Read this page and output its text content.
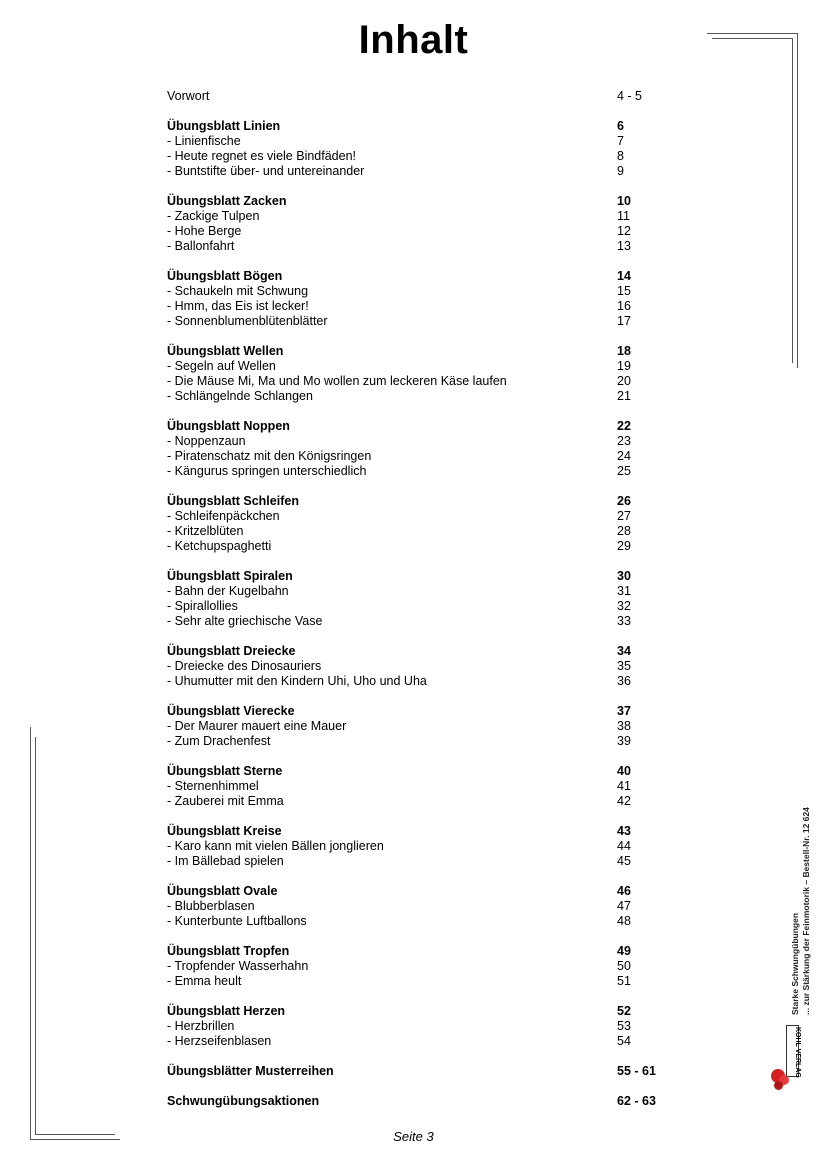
Inhalt
Vorwort	4 - 5
Übungsblatt Linien	6
- Linienfische	7
- Heute regnet es viele Bindfäden!	8
- Buntstifte über- und untereinander	9
Übungsblatt Zacken	10
- Zackige Tulpen	11
- Hohe Berge	12
- Ballonfahrt	13
Übungsblatt Bögen	14
- Schaukeln mit Schwung	15
- Hmm, das Eis ist lecker!	16
- Sonnenblumenblütenblätter	17
Übungsblatt Wellen	18
- Segeln auf Wellen	19
- Die Mäuse Mi, Ma und Mo wollen zum leckeren Käse laufen	20
- Schlängelnde Schlangen	21
Übungsblatt Noppen	22
- Noppenzaun	23
- Piratenschatz mit den Königsringen	24
- Kängurus springen unterschiedlich	25
Übungsblatt Schleifen	26
- Schleifenpäckchen	27
- Kritzelblüten	28
- Ketchupspaghetti	29
Übungsblatt Spiralen	30
- Bahn der Kugelbahn	31
- Spirallollies	32
- Sehr alte griechische Vase	33
Übungsblatt Dreiecke	34
- Dreiecke des Dinosauriers	35
- Uhumutter mit den Kindern Uhi, Uho und Uha	36
Übungsblatt Vierecke	37
- Der Maurer mauert eine Mauer	38
- Zum Drachenfest	39
Übungsblatt Sterne	40
- Sternenhimmel	41
- Zauberei mit Emma	42
Übungsblatt Kreise	43
- Karo kann mit vielen Bällen jonglieren	44
- Im Bällebad spielen	45
Übungsblatt Ovale	46
- Blubberblasen	47
- Kunterbunte Luftballons	48
Übungsblatt Tropfen	49
- Tropfender Wasserhahn	50
- Emma heult	51
Übungsblatt Herzen	52
- Herzbrillen	53
- Herzseifenblasen	54
Übungsblätter Musterreihen	55 - 61
Schwungübungsaktionen	62 - 63
Starke Schwungübungen ... zur Stärkung der Feinmotorik – Bestell-Nr. 12 624
KOHL VERLAG
Seite 3
